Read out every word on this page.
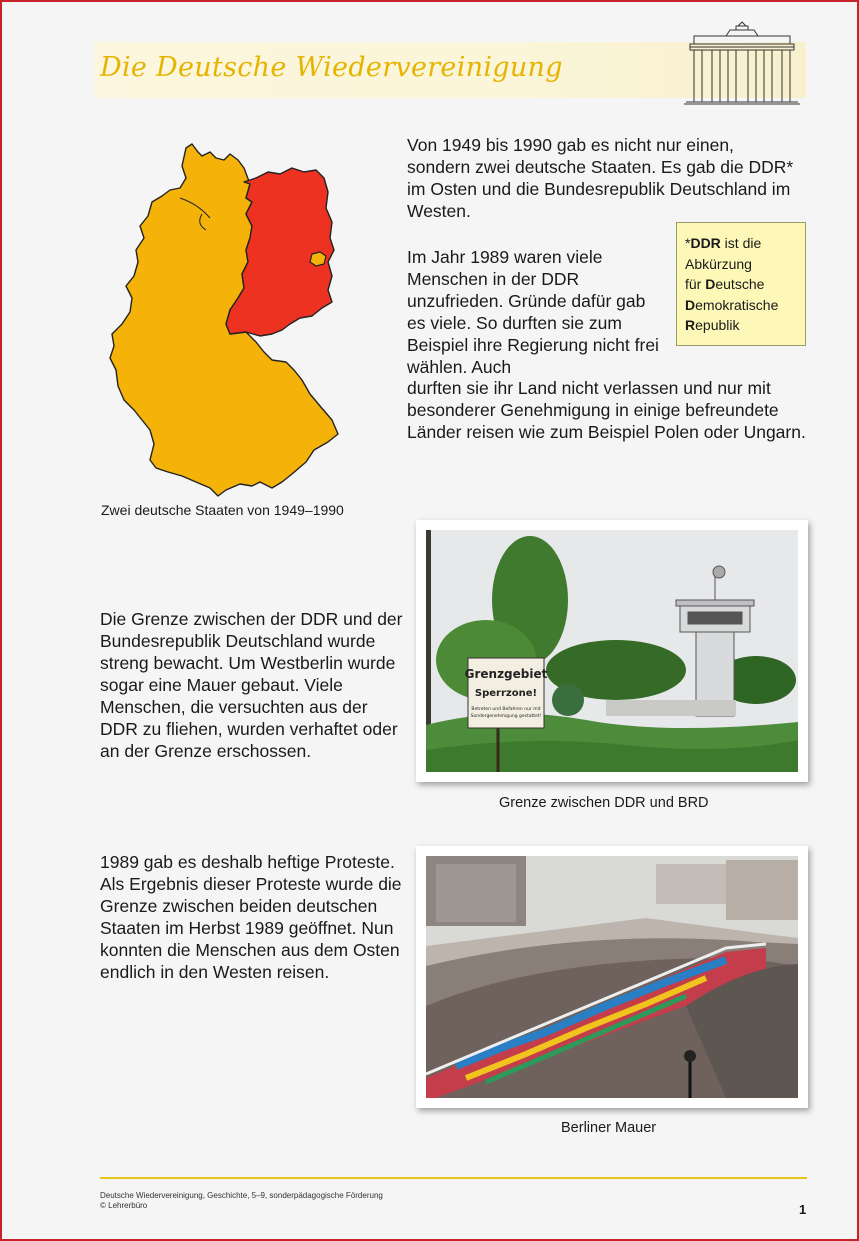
Die Deutsche Wiedervereinigung
Zwei deutsche Staaten von 1949–1990

Von 1949 bis 1990 gab es nicht nur einen, sondern zwei deutsche Staaten. Es gab die DDR* im Osten und die Bundesrepublik Deutschland im Westen.

Im Jahr 1989 waren viele Menschen in der DDR unzufrieden. Gründe dafür gab es viele. So durften sie zum Beispiel ihre Regierung nicht frei wählen. Auch

durften sie ihr Land nicht verlassen und nur mit besonderer Genehmigung in einige befreundete Länder reisen wie zum Beispiel Polen oder Ungarn.

*DDR ist die
Abkürzung
für Deutsche
Demokratische
Republik

Die Grenze zwischen der DDR und der Bundesrepublik Deutschland wurde streng bewacht. Um Westberlin wurde sogar eine Mauer gebaut. Viele Menschen, die versuchten aus der DDR zu fliehen, wurden verhaftet oder an der Grenze erschossen.

Grenzgebiet
Sperrzone!
Betreten und Befahren nur mit
Sondergenehmigung gestattet!
Grenze zwischen DDR und BRD

1989 gab es deshalb heftige Proteste. Als Ergebnis dieser Proteste wurde die Grenze zwischen beiden deutschen Staaten im Herbst 1989 geöffnet. Nun konnten die Menschen aus dem Osten endlich in den Westen reisen.

Berliner Mauer
Deutsche Wiedervereinigung, Geschichte, 5–9, sonderpädagogische Förderung
© Lehrerbüro	1
